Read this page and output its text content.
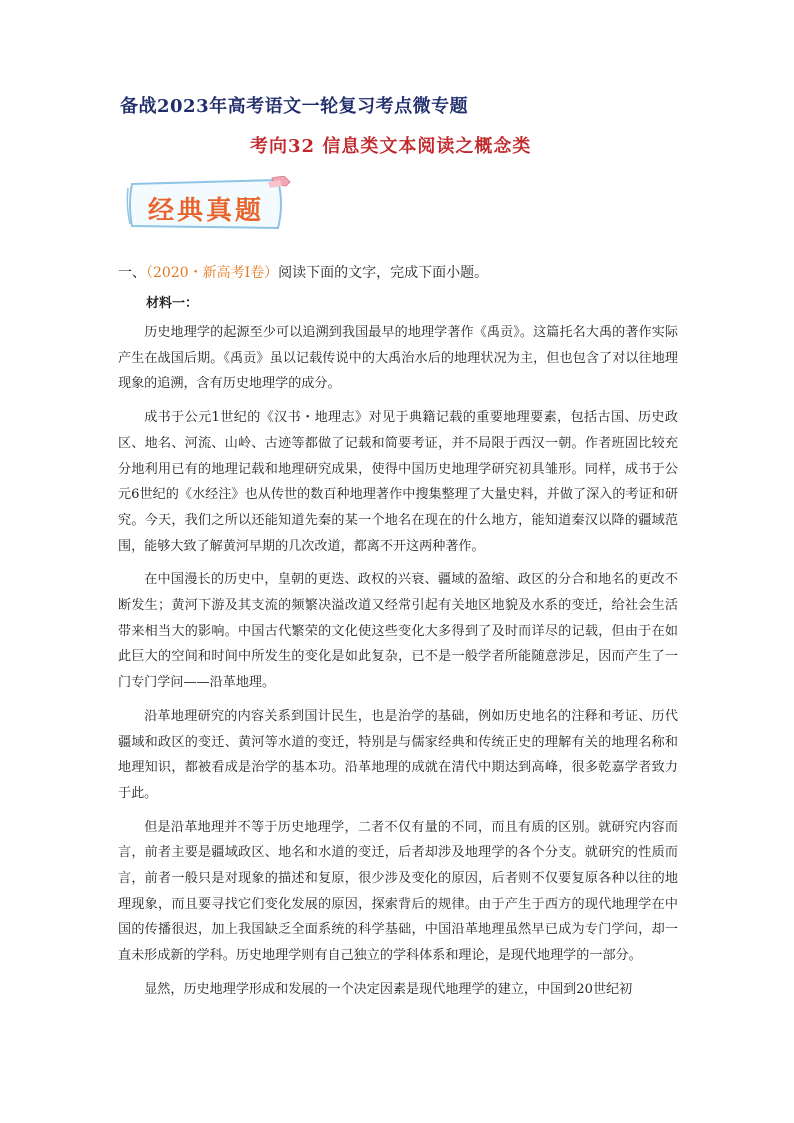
备战2023年高考语文一轮复习考点微专题
考向32 信息类文本阅读之概念类
经典真题
一、（2020・新高考Ⅰ卷）阅读下面的文字，完成下面小题。
材料一：

历史地理学的起源至少可以追溯到我国最早的地理学著作《禹贡》。这篇托名大禹的著作实际产生在战国后期。《禹贡》虽以记载传说中的大禹治水后的地理状况为主，但也包含了对以往地理现象的追溯，含有历史地理学的成分。

成书于公元1世纪的《汉书・地理志》对见于典籍记载的重要地理要素，包括古国、历史政区、地名、河流、山岭、古迹等都做了记载和简要考证，并不局限于西汉一朝。作者班固比较充分地利用已有的地理记载和地理研究成果，使得中国历史地理学研究初具雏形。同样，成书于公元6世纪的《水经注》也从传世的数百种地理著作中搜集整理了大量史料，并做了深入的考证和研究。今天，我们之所以还能知道先秦的某一个地名在现在的什么地方，能知道秦汉以降的疆域范围，能够大致了解黄河早期的几次改道，都离不开这两种著作。

在中国漫长的历史中，皇朝的更迭、政权的兴衰、疆域的盈缩、政区的分合和地名的更改不断发生；黄河下游及其支流的频繁决溢改道又经常引起有关地区地貌及水系的变迁，给社会生活带来相当大的影响。中国古代繁荣的文化使这些变化大多得到了及时而详尽的记载，但由于在如此巨大的空间和时间中所发生的变化是如此复杂，已不是一般学者所能随意涉足，因而产生了一门专门学问——沿革地理。

沿革地理研究的内容关系到国计民生，也是治学的基础，例如历史地名的注释和考证、历代疆域和政区的变迁、黄河等水道的变迁，特别是与儒家经典和传统正史的理解有关的地理名称和地理知识，都被看成是治学的基本功。沿革地理的成就在清代中期达到高峰，很多乾嘉学者致力于此。

但是沿革地理并不等于历史地理学，二者不仅有量的不同，而且有质的区别。就研究内容而言，前者主要是疆域政区、地名和水道的变迁，后者却涉及地理学的各个分支。就研究的性质而言，前者一般只是对现象的描述和复原，很少涉及变化的原因，后者则不仅要复原各种以往的地理现象，而且要寻找它们变化发展的原因，探索背后的规律。由于产生于西方的现代地理学在中国的传播很迟，加上我国缺乏全面系统的科学基础，中国沿革地理虽然早已成为专门学问，却一直未形成新的学科。历史地理学则有自己独立的学科体系和理论，是现代地理学的一部分。

显然，历史地理学形成和发展的一个决定因素是现代地理学的建立，中国到20世纪初
